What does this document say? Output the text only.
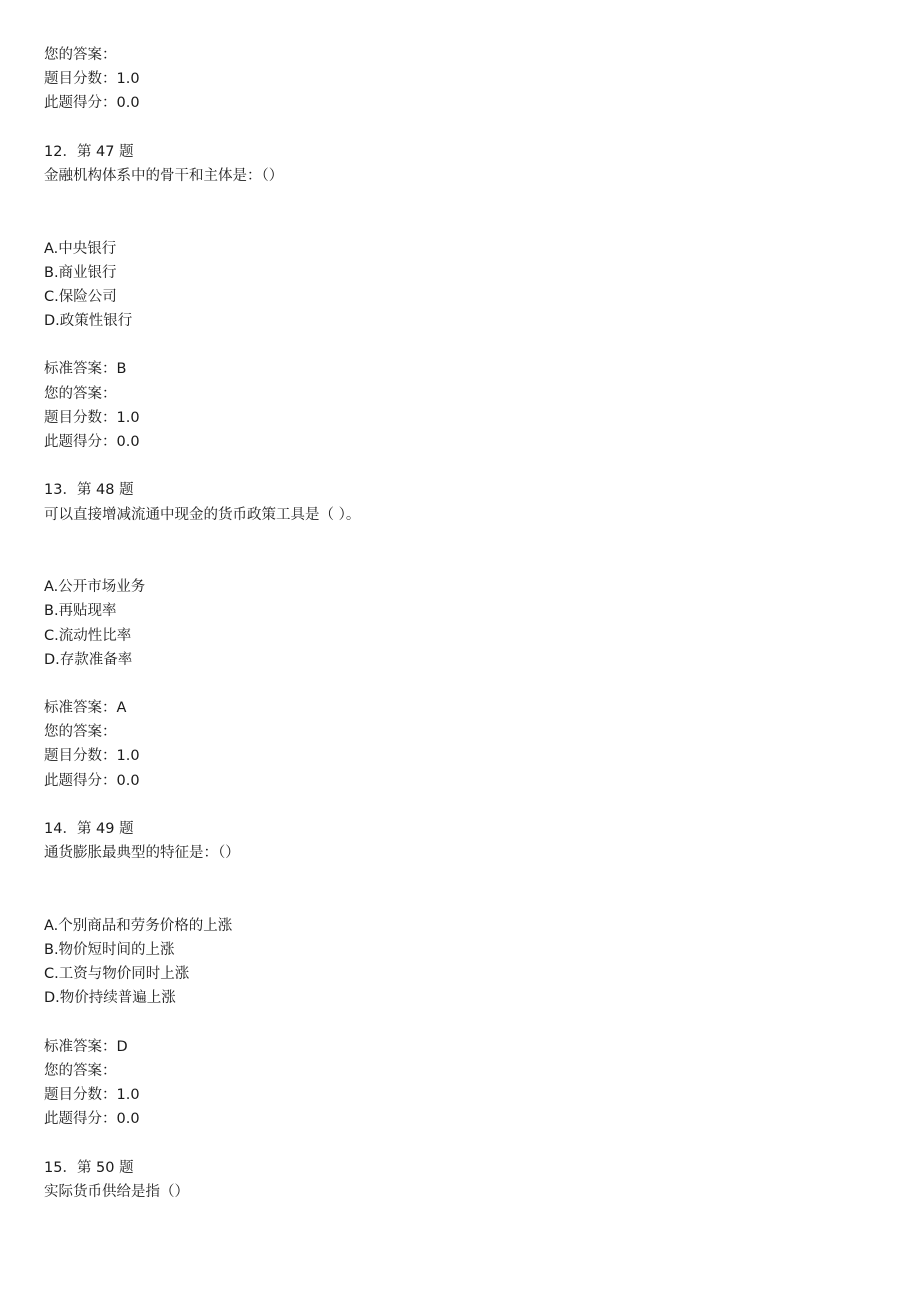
您的答案：
题目分数：1.0
此题得分：0.0
12．第 47 题
金融机构体系中的骨干和主体是：（）
A.中央银行
B.商业银行
C.保险公司
D.政策性银行
标准答案：B
您的答案：
题目分数：1.0
此题得分：0.0
13．第 48 题
可以直接增减流通中现金的货币政策工具是（ ）。
A.公开市场业务
B.再贴现率
C.流动性比率
D.存款准备率
标准答案：A
您的答案：
题目分数：1.0
此题得分：0.0
14．第 49 题
通货膨胀最典型的特征是：（）
A.个别商品和劳务价格的上涨
B.物价短时间的上涨
C.工资与物价同时上涨
D.物价持续普遍上涨
标准答案：D
您的答案：
题目分数：1.0
此题得分：0.0
15．第 50 题
实际货币供给是指（）
